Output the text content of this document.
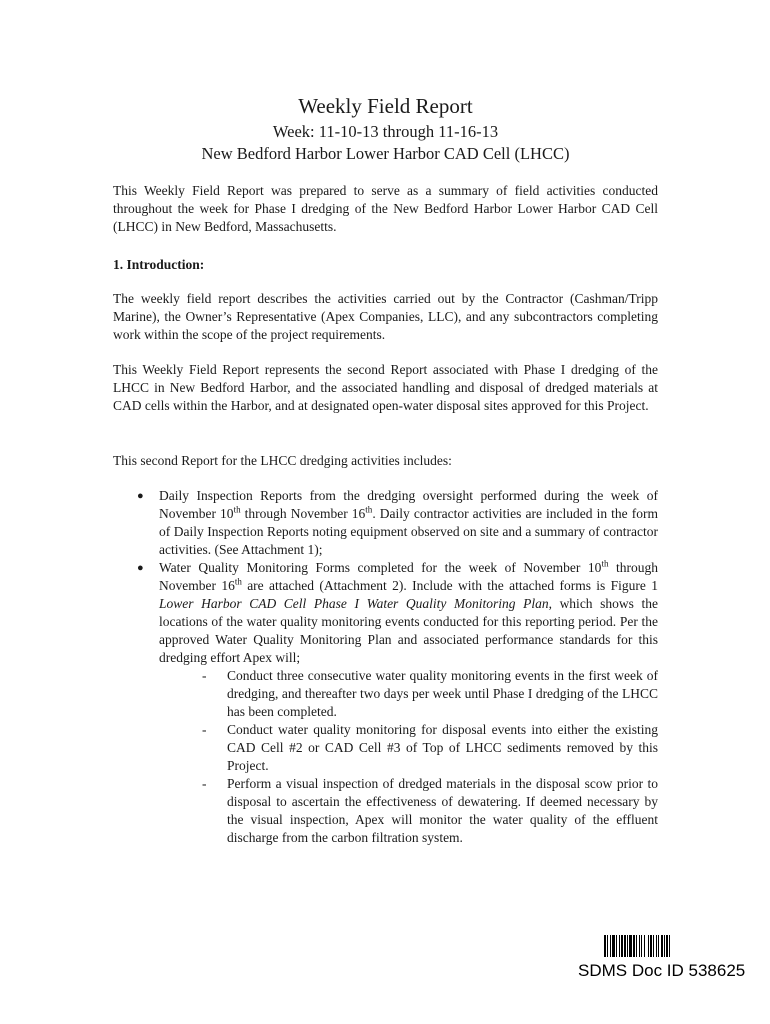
Weekly Field Report
Week: 11-10-13 through 11-16-13
New Bedford Harbor Lower Harbor CAD Cell (LHCC)

This Weekly Field Report was prepared to serve as a summary of field activities conducted throughout the week for Phase I dredging of the New Bedford Harbor Lower Harbor CAD Cell (LHCC) in New Bedford, Massachusetts.

1. Introduction:

The weekly field report describes the activities carried out by the Contractor (Cashman/Tripp Marine), the Owner’s Representative (Apex Companies, LLC), and any subcontractors completing work within the scope of the project requirements.

This Weekly Field Report represents the second Report associated with Phase I dredging of the LHCC in New Bedford Harbor, and the associated handling and disposal of dredged materials at CAD cells within the Harbor, and at designated open-water disposal sites approved for this Project.

This second Report for the LHCC dredging activities includes:

● Daily Inspection Reports from the dredging oversight performed during the week of November 10th through November 16th. Daily contractor activities are included in the form of Daily Inspection Reports noting equipment observed on site and a summary of contractor activities. (See Attachment 1);
● Water Quality Monitoring Forms completed for the week of November 10th through November 16th are attached (Attachment 2). Include with the attached forms is Figure 1 Lower Harbor CAD Cell Phase I Water Quality Monitoring Plan, which shows the locations of the water quality monitoring events conducted for this reporting period. Per the approved Water Quality Monitoring Plan and associated performance standards for this dredging effort Apex will;
- Conduct three consecutive water quality monitoring events in the first week of dredging, and thereafter two days per week until Phase I dredging of the LHCC has been completed.
- Conduct water quality monitoring for disposal events into either the existing CAD Cell #2 or CAD Cell #3 of Top of LHCC sediments removed by this Project.
- Perform a visual inspection of dredged materials in the disposal scow prior to disposal to ascertain the effectiveness of dewatering. If deemed necessary by the visual inspection, Apex will monitor the water quality of the effluent discharge from the carbon filtration system.
SDMS Doc ID 538625
